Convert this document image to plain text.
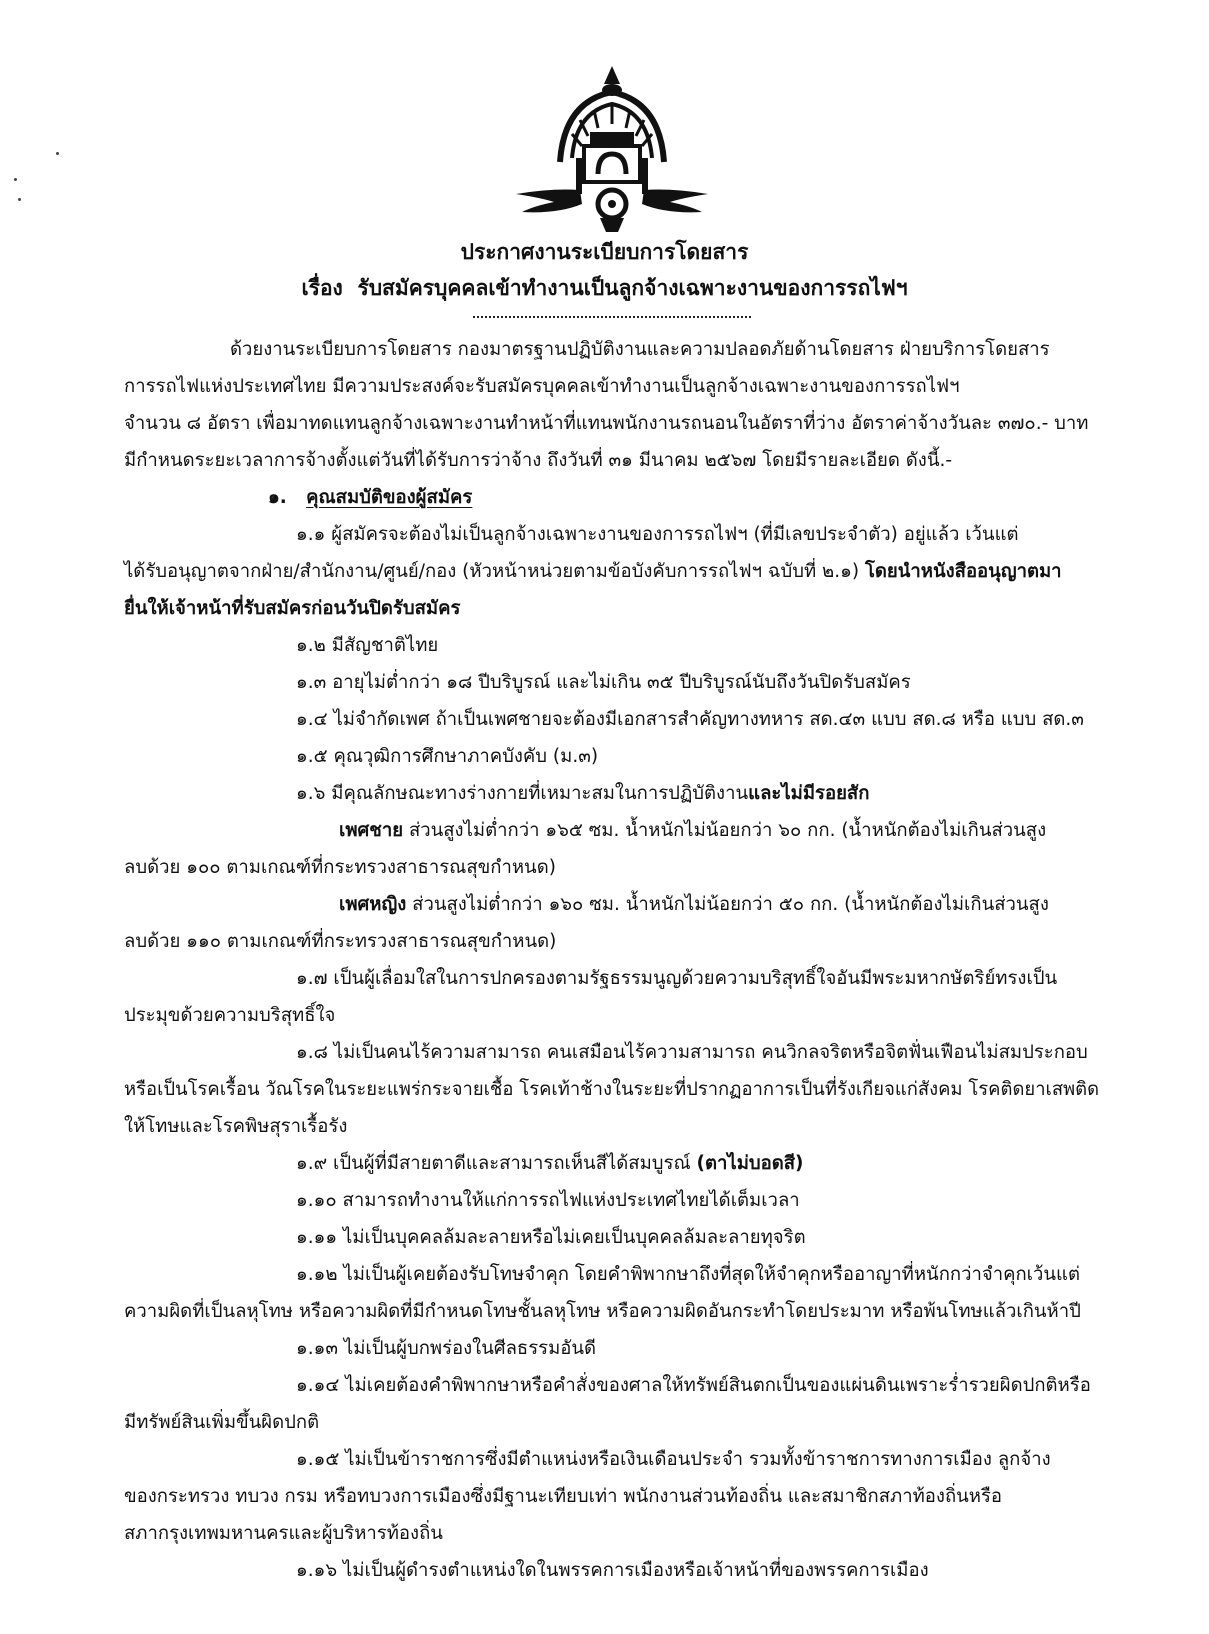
ประกาศงานระเบียบการโดยสาร
เรื่อง รับสมัครบุคคลเข้าทำงานเป็นลูกจ้างเฉพาะงานของการรถไฟฯ
ด้วยงานระเบียบการโดยสาร กองมาตรฐานปฏิบัติงานและความปลอดภัยด้านโดยสาร ฝ่ายบริการโดยสาร
การรถไฟแห่งประเทศไทย มีความประสงค์จะรับสมัครบุคคลเข้าทำงานเป็นลูกจ้างเฉพาะงานของการรถไฟฯ
จำนวน ๘ อัตรา เพื่อมาทดแทนลูกจ้างเฉพาะงานทำหน้าที่แทนพนักงานรถนอนในอัตราที่ว่าง อัตราค่าจ้างวันละ ๓๗๐.- บาท
มีกำหนดระยะเวลาการจ้างตั้งแต่วันที่ได้รับการว่าจ้าง ถึงวันที่ ๓๑ มีนาคม ๒๕๖๗ โดยมีรายละเอียด ดังนี้.-
๑. คุณสมบัติของผู้สมัคร
๑.๑ ผู้สมัครจะต้องไม่เป็นลูกจ้างเฉพาะงานของการรถไฟฯ (ที่มีเลขประจำตัว) อยู่แล้ว เว้นแต่
ได้รับอนุญาตจากฝ่าย/สำนักงาน/ศูนย์/กอง (หัวหน้าหน่วยตามข้อบังคับการรถไฟฯ ฉบับที่ ๒.๑) โดยนำหนังสืออนุญาตมา
ยื่นให้เจ้าหน้าที่รับสมัครก่อนวันปิดรับสมัคร
๑.๒ มีสัญชาติไทย
๑.๓ อายุไม่ต่ำกว่า ๑๘ ปีบริบูรณ์ และไม่เกิน ๓๕ ปีบริบูรณ์นับถึงวันปิดรับสมัคร
๑.๔ ไม่จำกัดเพศ ถ้าเป็นเพศชายจะต้องมีเอกสารสำคัญทางทหาร สด.๔๓ แบบ สด.๘ หรือ แบบ สด.๓
๑.๕ คุณวุฒิการศึกษาภาคบังคับ (ม.๓)
๑.๖ มีคุณลักษณะทางร่างกายที่เหมาะสมในการปฏิบัติงานและไม่มีรอยสัก
เพศชาย ส่วนสูงไม่ต่ำกว่า ๑๖๕ ซม. น้ำหนักไม่น้อยกว่า ๖๐ กก. (น้ำหนักต้องไม่เกินส่วนสูง
ลบด้วย ๑๐๐ ตามเกณฑ์ที่กระทรวงสาธารณสุขกำหนด)
เพศหญิง ส่วนสูงไม่ต่ำกว่า ๑๖๐ ซม. น้ำหนักไม่น้อยกว่า ๕๐ กก. (น้ำหนักต้องไม่เกินส่วนสูง
ลบด้วย ๑๑๐ ตามเกณฑ์ที่กระทรวงสาธารณสุขกำหนด)
๑.๗ เป็นผู้เลื่อมใสในการปกครองตามรัฐธรรมนูญด้วยความบริสุทธิ์ใจอันมีพระมหากษัตริย์ทรงเป็น
ประมุขด้วยความบริสุทธิ์ใจ
๑.๘ ไม่เป็นคนไร้ความสามารถ คนเสมือนไร้ความสามารถ คนวิกลจริตหรือจิตฟั่นเฟือนไม่สมประกอบ
หรือเป็นโรคเรื้อน วัณโรคในระยะแพร่กระจายเชื้อ โรคเท้าช้างในระยะที่ปรากฏอาการเป็นที่รังเกียจแก่สังคม โรคติดยาเสพติด
ให้โทษและโรคพิษสุราเรื้อรัง
๑.๙ เป็นผู้ที่มีสายตาดีและสามารถเห็นสีได้สมบูรณ์ (ตาไม่บอดสี)
๑.๑๐ สามารถทำงานให้แก่การรถไฟแห่งประเทศไทยได้เต็มเวลา
๑.๑๑ ไม่เป็นบุคคลล้มละลายหรือไม่เคยเป็นบุคคลล้มละลายทุจริต
๑.๑๒ ไม่เป็นผู้เคยต้องรับโทษจำคุก โดยคำพิพากษาถึงที่สุดให้จำคุกหรืออาญาที่หนักกว่าจำคุกเว้นแต่
ความผิดที่เป็นลหุโทษ หรือความผิดที่มีกำหนดโทษชั้นลหุโทษ หรือความผิดอันกระทำโดยประมาท หรือพ้นโทษแล้วเกินห้าปี
๑.๑๓ ไม่เป็นผู้บกพร่องในศีลธรรมอันดี
๑.๑๔ ไม่เคยต้องคำพิพากษาหรือคำสั่งของศาลให้ทรัพย์สินตกเป็นของแผ่นดินเพราะร่ำรวยผิดปกติหรือ
มีทรัพย์สินเพิ่มขึ้นผิดปกติ
๑.๑๕ ไม่เป็นข้าราชการซึ่งมีตำแหน่งหรือเงินเดือนประจำ รวมทั้งข้าราชการทางการเมือง ลูกจ้าง
ของกระทรวง ทบวง กรม หรือทบวงการเมืองซึ่งมีฐานะเทียบเท่า พนักงานส่วนท้องถิ่น และสมาชิกสภาท้องถิ่นหรือ
สภากรุงเทพมหานครและผู้บริหารท้องถิ่น
๑.๑๖ ไม่เป็นผู้ดำรงตำแหน่งใดในพรรคการเมืองหรือเจ้าหน้าที่ของพรรคการเมือง
